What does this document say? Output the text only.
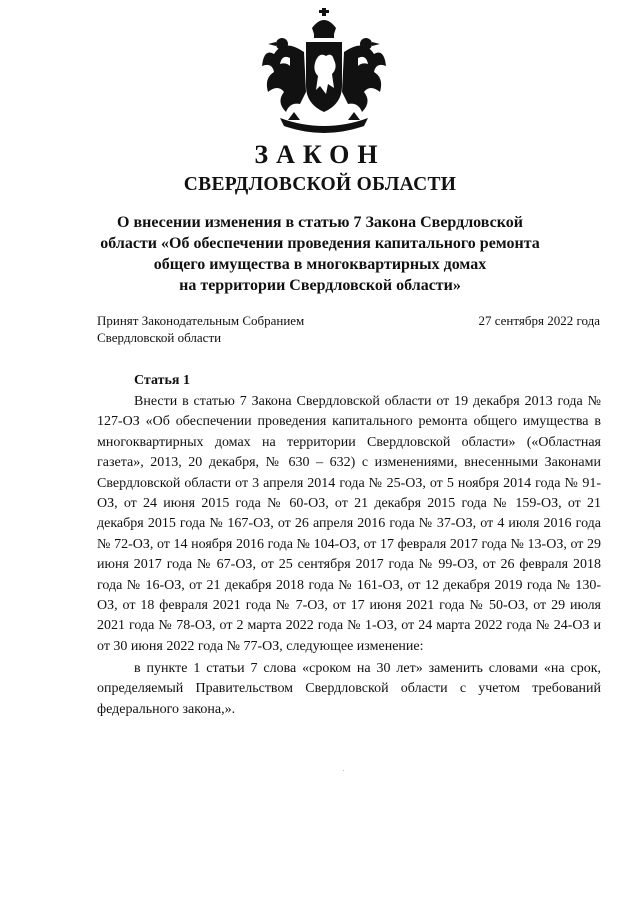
ЗАКОН
СВЕРДЛОВСКОЙ ОБЛАСТИ
О внесении изменения в статью 7 Закона Свердловской
области «Об обеспечении проведения капитального ремонта
общего имущества в многоквартирных домах
на территории Свердловской области»
Принят Законодательным Собранием
Свердловской области
27 сентября 2022 года
Статья 1

Внести в статью 7 Закона Свердловской области от 19 декабря 2013 года № 127-ОЗ «Об обеспечении проведения капитального ремонта общего имущества в многоквартирных домах на территории Свердловской области» («Областная газета», 2013, 20 декабря, № 630 – 632) с изменениями, внесенными Законами Свердловской области от 3 апреля 2014 года № 25-ОЗ, от 5 ноября 2014 года № 91-ОЗ, от 24 июня 2015 года № 60-ОЗ, от 21 декабря 2015 года № 159-ОЗ, от 21 декабря 2015 года № 167-ОЗ, от 26 апреля 2016 года № 37-ОЗ, от 4 июля 2016 года № 72-ОЗ, от 14 ноября 2016 года № 104-ОЗ, от 17 февраля 2017 года № 13-ОЗ, от 29 июня 2017 года № 67-ОЗ, от 25 сентября 2017 года № 99-ОЗ, от 26 февраля 2018 года № 16-ОЗ, от 21 декабря 2018 года № 161-ОЗ, от 12 декабря 2019 года № 130-ОЗ, от 18 февраля 2021 года № 7-ОЗ, от 17 июня 2021 года № 50-ОЗ, от 29 июля 2021 года № 78-ОЗ, от 2 марта 2022 года № 1-ОЗ, от 24 марта 2022 года № 24-ОЗ и от 30 июня 2022 года № 77-ОЗ, следующее изменение:

в пункте 1 статьи 7 слова «сроком на 30 лет» заменить словами «на срок, определяемый Правительством Свердловской области с учетом требований федерального закона,».
